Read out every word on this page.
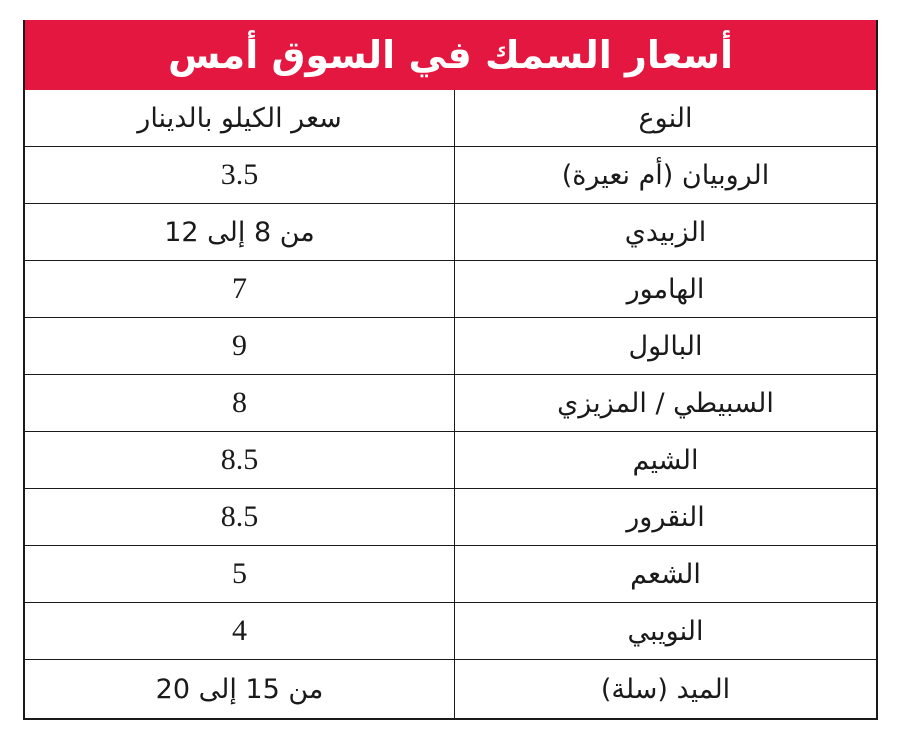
أسعار السمك في السوق أمس
النوع
سعر الكيلو بالدينار
الروبيان (أم نعيرة)
3.5
الزبيدي
من 8 إلى 12
الهامور
7
البالول
9
السبيطي / المزيزي
8
الشيم
8.5
النقرور
8.5
الشعم
5
النويبي
4
الميد (سلة)
من 15 إلى 20
